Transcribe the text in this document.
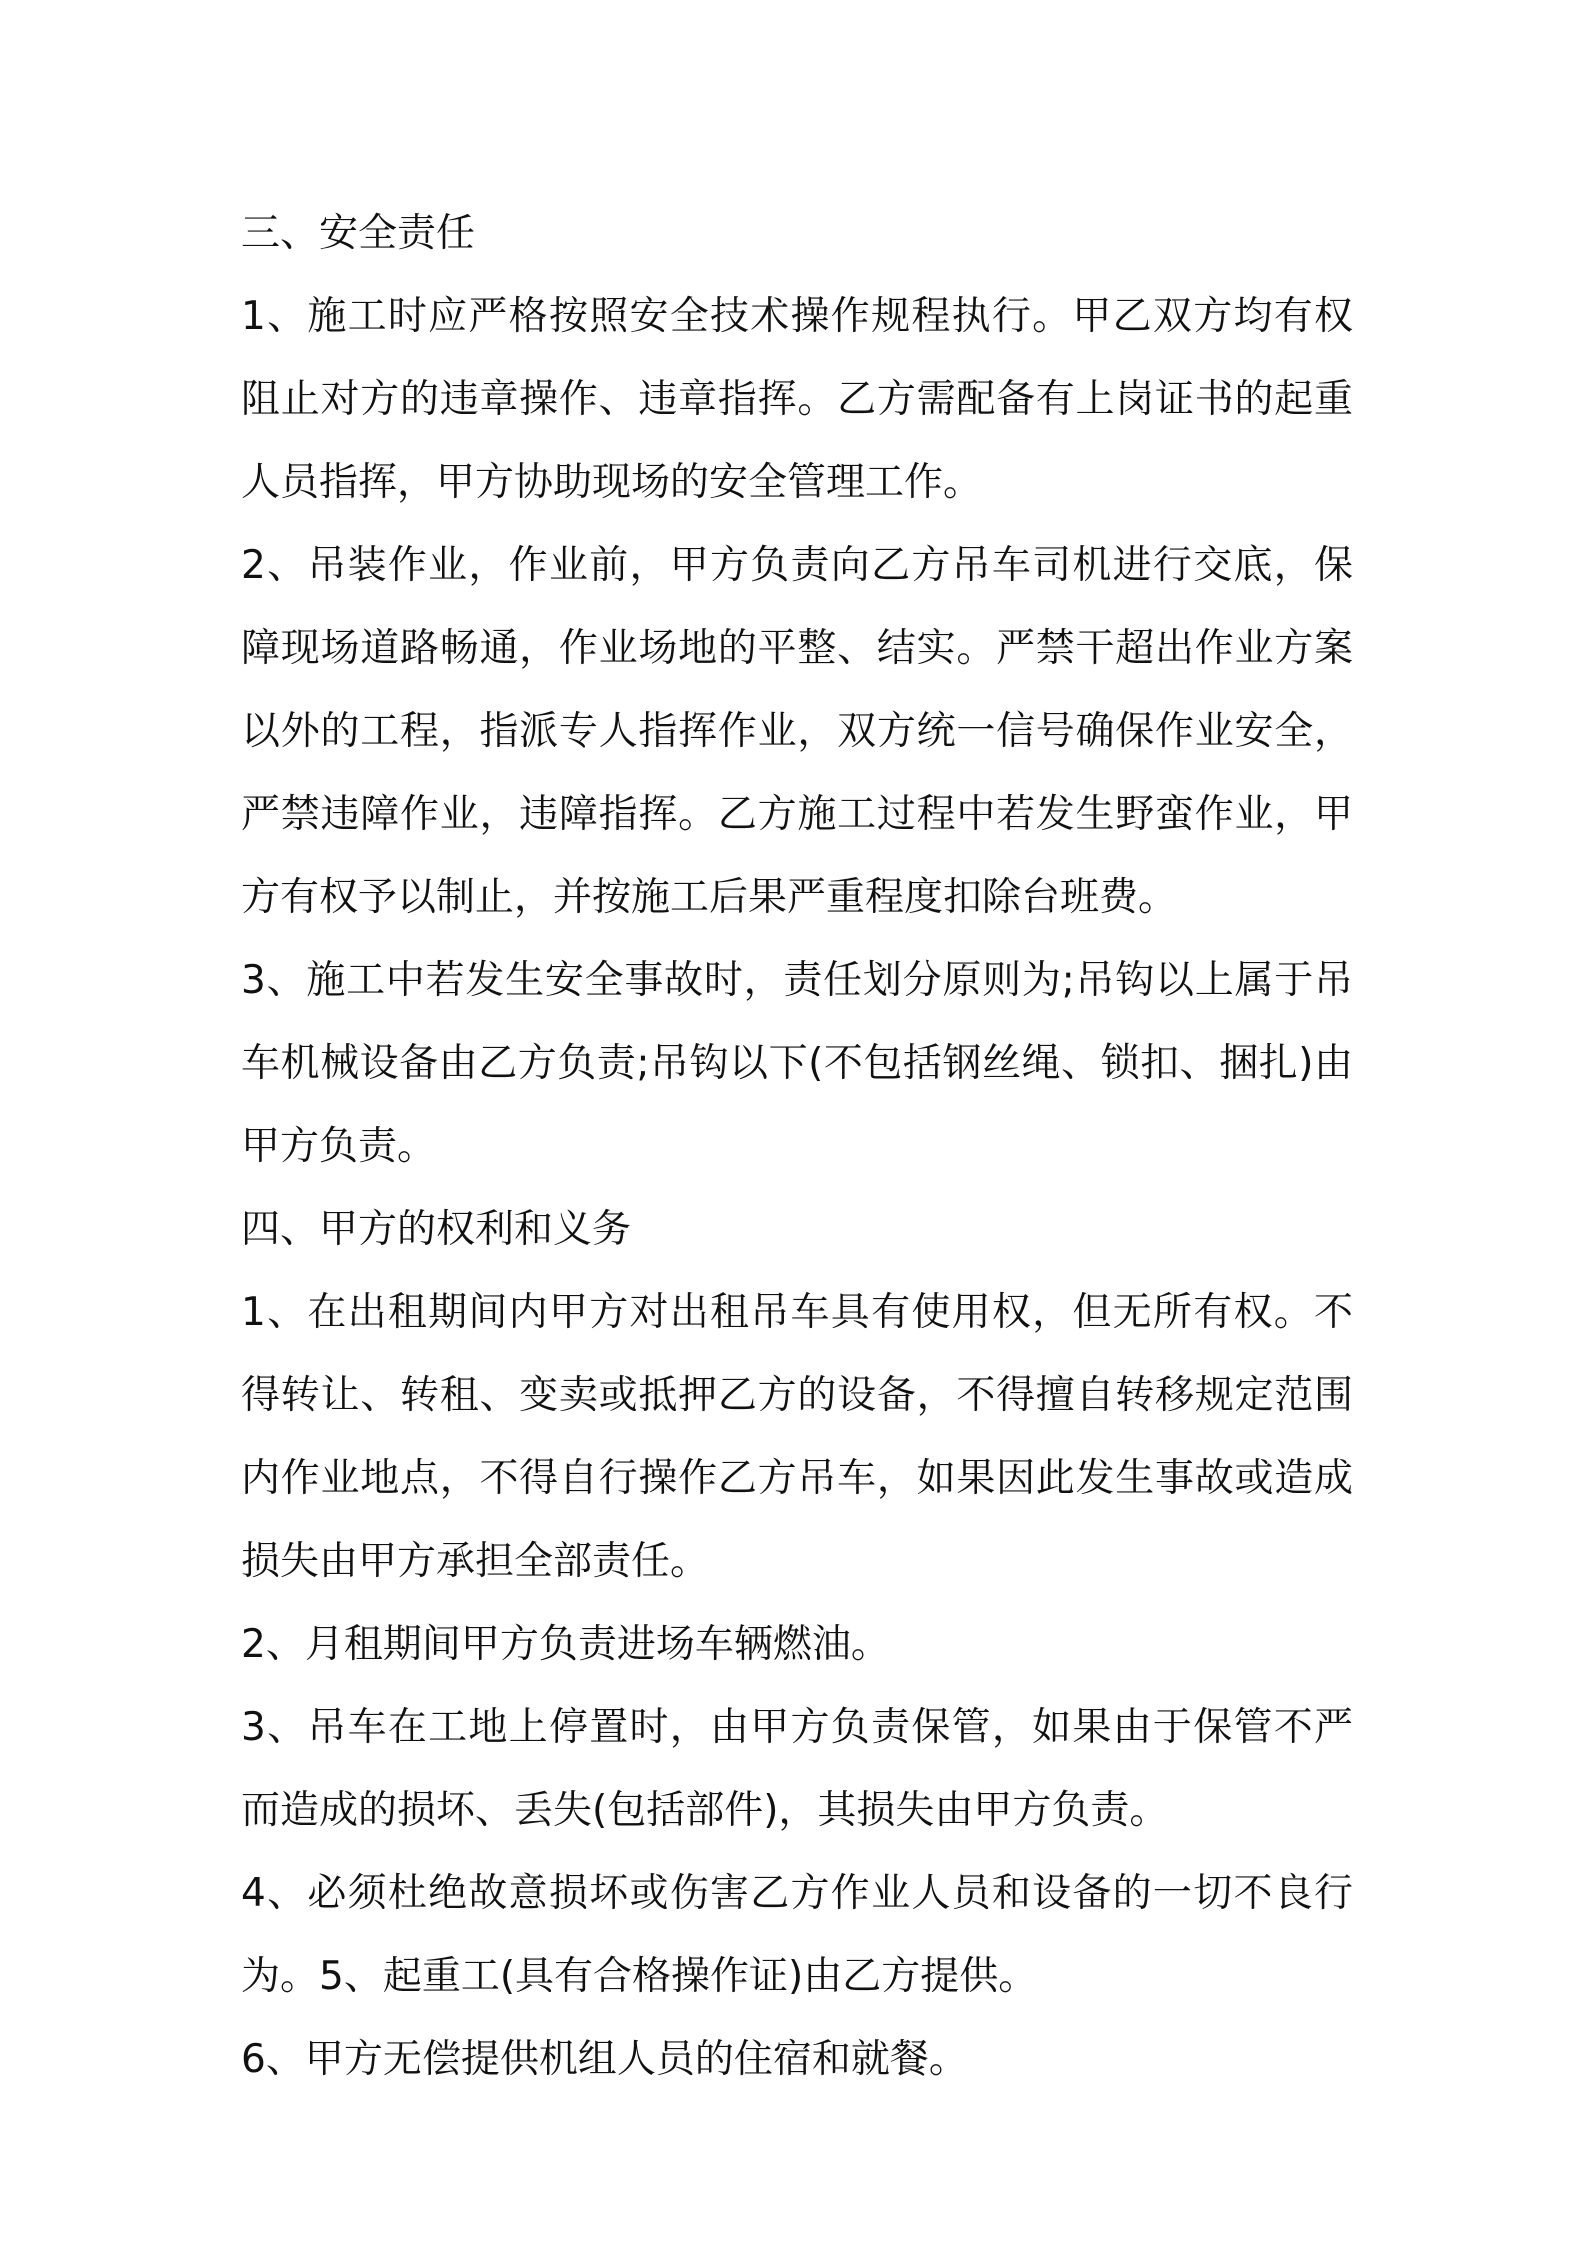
三、安全责任

1、施工时应严格按照安全技术操作规程执行。甲乙双方均有权阻止对方的违章操作、违章指挥。乙方需配备有上岗证书的起重人员指挥，甲方协助现场的安全管理工作。

2、吊装作业，作业前，甲方负责向乙方吊车司机进行交底，保障现场道路畅通，作业场地的平整、结实。严禁干超出作业方案以外的工程，指派专人指挥作业，双方统一信号确保作业安全，严禁违障作业，违障指挥。乙方施工过程中若发生野蛮作业，甲方有权予以制止，并按施工后果严重程度扣除台班费。

3、施工中若发生安全事故时，责任划分原则为;吊钩以上属于吊车机械设备由乙方负责;吊钩以下(不包括钢丝绳、锁扣、捆扎)由甲方负责。

四、甲方的权利和义务

1、在出租期间内甲方对出租吊车具有使用权，但无所有权。不得转让、转租、变卖或抵押乙方的设备，不得擅自转移规定范围内作业地点，不得自行操作乙方吊车，如果因此发生事故或造成损失由甲方承担全部责任。

2、月租期间甲方负责进场车辆燃油。

3、吊车在工地上停置时，由甲方负责保管，如果由于保管不严而造成的损坏、丢失(包括部件)，其损失由甲方负责。

4、必须杜绝故意损坏或伤害乙方作业人员和设备的一切不良行为。5、起重工(具有合格操作证)由乙方提供。

6、甲方无偿提供机组人员的住宿和就餐。
